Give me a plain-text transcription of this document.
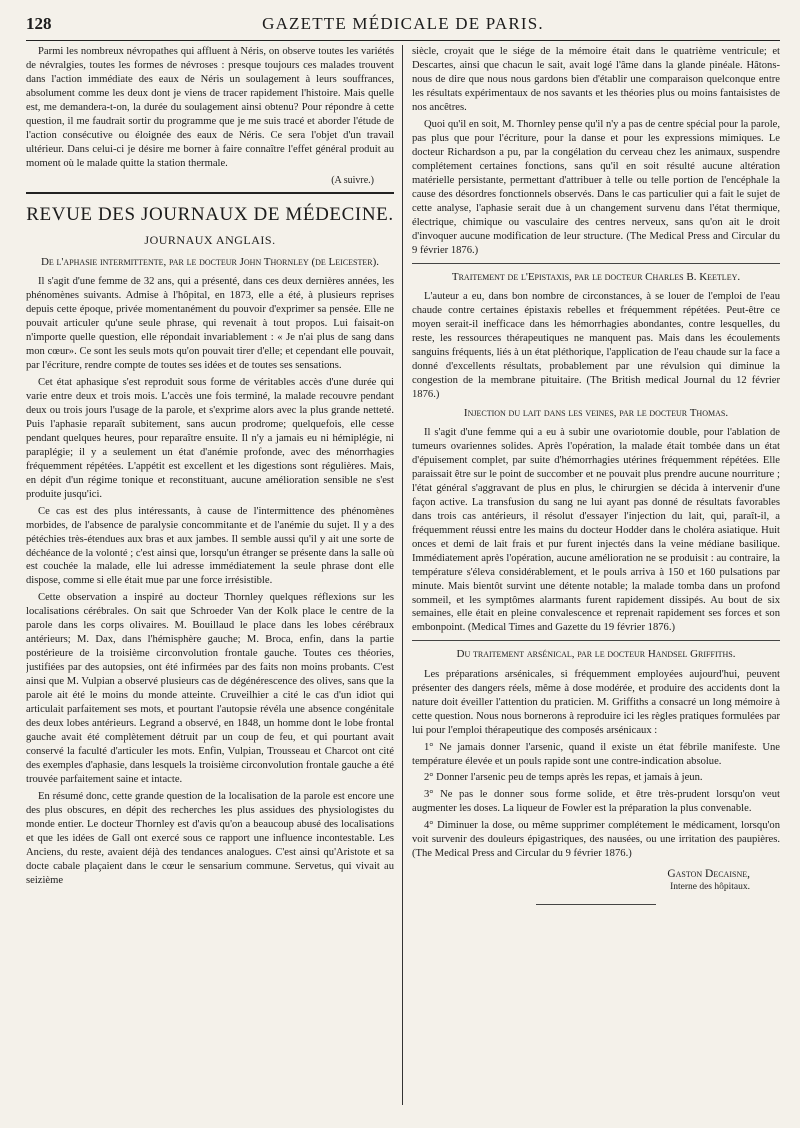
128	GAZETTE MÉDICALE DE PARIS.

Parmi les nombreux névropathes qui affluent à Néris, on observe toutes les variétés de névralgies, toutes les formes de névroses : presque toujours ces malades trouvent dans l'action immédiate des eaux de Néris un soulagement à leurs souffrances, absolument comme les deux dont je viens de tracer rapidement l'histoire. Mais quelle est, me demandera-t-on, la durée du soulagement ainsi obtenu? Pour répondre à cette question, il me faudrait sortir du programme que je me suis tracé et aborder l'étude de l'action consécutive ou éloignée des eaux de Néris. Ce sera l'objet d'un travail ultérieur. Dans celui-ci je désire me borner à faire connaître l'effet général produit au moment où le malade quitte la station thermale.

(A suivre.)
REVUE DES JOURNAUX DE MÉDECINE.
JOURNAUX ANGLAIS.
De l'aphasie intermittente, par le docteur John Thornley (de Leicester).

Il s'agit d'une femme de 32 ans, qui a présenté, dans ces deux dernières années, les phénomènes suivants. Admise à l'hôpital, en 1873, elle a été, à plusieurs reprises depuis cette époque, privée momentanément du pouvoir d'exprimer sa pensée. Elle ne pouvait articuler qu'une seule phrase, qui revenait à tout propos. Lui faisait-on n'importe quelle question, elle répondait invariablement : « Je n'ai plus de sang dans mon cœur». Ce sont les seuls mots qu'on pouvait tirer d'elle; et cependant elle pouvait, par l'écriture, rendre compte de toutes ses idées et de toutes ses sensations.

Cet état aphasique s'est reproduit sous forme de véritables accès d'une durée qui varie entre deux et trois mois. L'accès une fois terminé, la malade recouvre pendant deux ou trois jours l'usage de la parole, et s'exprime alors avec la plus grande netteté. Puis l'aphasie reparaît subitement, sans aucun prodrome; quelquefois, elle cesse pendant quelques heures, pour reparaître ensuite. Il n'y a jamais eu ni hémiplégie, ni paraplégie; il y a seulement un état d'anémie profonde, avec des ménorrhagies fréquemment répétées. L'appétit est excellent et les digestions sont régulières. Mais, en dépit d'un régime tonique et reconstituant, aucune amélioration sensible ne s'est produite jusqu'ici.

Ce cas est des plus intéressants, à cause de l'intermittence des phénomènes morbides, de l'absence de paralysie concommitante et de l'anémie du sujet. Il y a des pétéchies très-étendues aux bras et aux jambes. Il semble aussi qu'il y ait une sorte de déchéance de la volonté ; c'est ainsi que, lorsqu'un étranger se présente dans la salle où est couchée la malade, elle lui adresse immédiatement la seule phrase dont elle dispose, comme si elle était mue par une force irrésistible.

Cette observation a inspiré au docteur Thornley quelques réflexions sur les localisations cérébrales. On sait que Schroeder Van der Kolk place le centre de la parole dans les corps olivaires. M. Bouillaud le place dans les lobes cérébraux antérieurs; M. Dax, dans l'hémisphère gauche; M. Broca, enfin, dans la partie postérieure de la troisième circonvolution frontale gauche. Toutes ces théories, justifiées par des autopsies, ont été infirmées par des faits non moins probants. C'est ainsi que M. Vulpian a observé plusieurs cas de dégénérescence des olives, sans que la parole ait été le moins du monde atteinte. Cruveilhier a cité le cas d'un idiot qui articulait parfaitement ses mots, et pourtant l'autopsie révéla une absence congénitale des deux lobes antérieurs. Legrand a observé, en 1848, un homme dont le lobe frontal gauche avait été complètement détruit par un coup de feu, et qui pourtant avait conservé la faculté d'articuler les mots. Enfin, Vulpian, Trousseau et Charcot ont cité des exemples d'aphasie, dans lesquels la troisième circonvolution frontale gauche a été trouvée parfaitement saine et intacte.

En résumé donc, cette grande question de la localisation de la parole est encore une des plus obscures, en dépit des recherches les plus assidues des physiologistes du monde entier. Le docteur Thornley est d'avis qu'on a beaucoup abusé des localisations et que les idées de Gall ont exercé sous ce rapport une influence incontestable. Les Anciens, du reste, avaient déjà des tendances analogues. C'est ainsi qu'Aristote et sa docte cabale plaçaient dans le cœur le sensarium commune. Servetus, qui vivait au seizième

siècle, croyait que le siége de la mémoire était dans le quatrième ventricule; et Descartes, ainsi que chacun le sait, avait logé l'âme dans la glande pinéale. Hâtons-nous de dire que nous nous gardons bien d'établir une comparaison quelconque entre les résultats expérimentaux de nos savants et les théories plus ou moins fantaisistes de nos ancêtres.

Quoi qu'il en soit, M. Thornley pense qu'il n'y a pas de centre spécial pour la parole, pas plus que pour l'écriture, pour la danse et pour les expressions mimiques. Le docteur Richardson a pu, par la congélation du cerveau chez les animaux, suspendre complétement certaines fonctions, sans qu'il en soit résulté aucune altération matérielle persistante, permettant d'attribuer à telle ou telle portion de l'encéphale la cause des désordres fonctionnels observés. Dans le cas particulier qui a fait le sujet de cette analyse, l'aphasie serait due à un changement survenu dans l'état thermique, électrique, chimique ou vasculaire des centres nerveux, sans qu'on ait le droit d'invoquer aucune modification de leur structure. (The Medical Press and Circular du 9 février 1876.)

Traitement de l'Epistaxis, par le docteur Charles B. Keetley.

L'auteur a eu, dans bon nombre de circonstances, à se louer de l'emploi de l'eau chaude contre certaines épistaxis rebelles et fréquemment répétées. Peut-être ce moyen serait-il inefficace dans les hémorrhagies abondantes, contre lesquelles, du reste, les ressources thérapeutiques ne manquent pas. Mais dans les écoulements sanguins fréquents, liés à un état pléthorique, l'application de l'eau chaude sur la face a donné d'excellents résultats, probablement par une révulsion qui diminue la congestion de la membrane pituitaire. (The British medical Journal du 12 février 1876.)

Injection du lait dans les veines, par le docteur Thomas.

Il s'agit d'une femme qui a eu à subir une ovariotomie double, pour l'ablation de tumeurs ovariennes solides. Après l'opération, la malade était tombée dans un état d'épuisement complet, par suite d'hémorrhagies utérines fréquemment répétées. Elle paraissait être sur le point de succomber et ne pouvait plus prendre aucune nourriture ; l'état général s'aggravant de plus en plus, le chirurgien se décida à intervenir d'une façon active. La transfusion du sang ne lui ayant pas donné de résultats favorables dans trois cas antérieurs, il résolut d'essayer l'injection du lait, qui, paraît-il, a fréquemment réussi entre les mains du docteur Hodder dans le choléra asiatique. Huit onces et demi de lait frais et pur furent injectés dans la veine médiane basilique. Immédiatement après l'opération, aucune amélioration ne se produisit : au contraire, la température s'éleva considérablement, et le pouls arriva à 150 et 160 pulsations par minute. Mais bientôt survint une détente notable; la malade tomba dans un profond sommeil, et les symptômes alarmants furent rapidement dissipés. Au bout de six semaines, elle était en pleine convalescence et reprenait rapidement ses forces et son embonpoint. (Medical Times and Gazette du 19 février 1876.)

Du traitement arsénical, par le docteur Handsel Griffiths.

Les préparations arsénicales, si fréquemment employées aujourd'hui, peuvent présenter des dangers réels, même à dose modérée, et produire des accidents dont la nature doit éveiller l'attention du praticien. M. Griffiths a consacré un long mémoire à cette question. Nous nous bornerons à reproduire ici les règles pratiques formulées par lui pour l'emploi thérapeutique des composés arsénicaux :

1° Ne jamais donner l'arsenic, quand il existe un état fébrile manifeste. Une température élevée et un pouls rapide sont une contre-indication absolue.

2° Donner l'arsenic peu de temps après les repas, et jamais à jeun.

3° Ne pas le donner sous forme solide, et être très-prudent lorsqu'on veut augmenter les doses. La liqueur de Fowler est la préparation la plus convenable.

4° Diminuer la dose, ou même supprimer complétement le médicament, lorsqu'on voit survenir des douleurs épigastriques, des nausées, ou une irritation des paupières. (The Medical Press and Circular du 9 février 1876.)

Gaston Decaisne,
Interne des hôpitaux.
